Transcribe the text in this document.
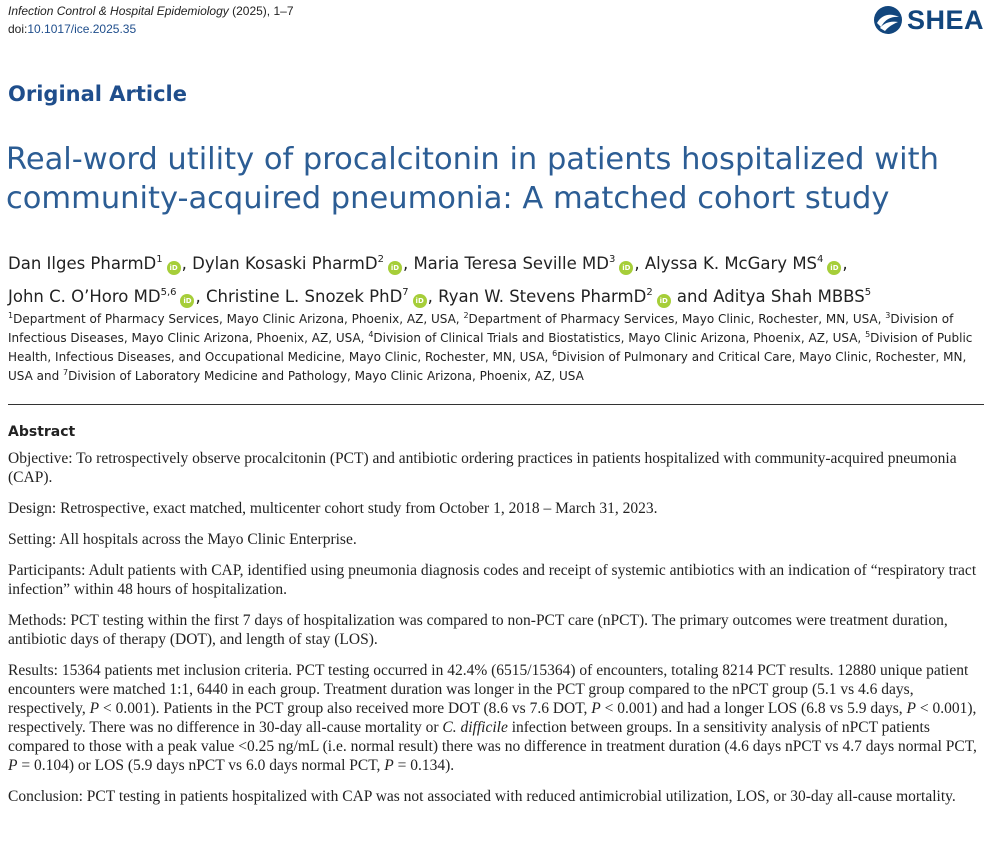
Infection Control & Hospital Epidemiology (2025), 1–7
doi:10.1017/ice.2025.35	SHEA
Original Article
Real-word utility of procalcitonin in patients hospitalized with community-acquired pneumonia: A matched cohort study
Dan Ilges PharmD$^1$iD , Dylan Kosaski PharmD$^2$iD , Maria Teresa Seville $MD^3iD$ , Alyssa K. McGary $MS^4iD$ ,
John C. O’Horo MD$^{5,6}$iD , Christine L. Snozek PhD$^7$iD , Ryan W. Stevens PharmD$^2$iD and Aditya Shah MBBS$^5$
$^1$Department of Pharmacy Services, Mayo Clinic Arizona, Phoenix, AZ, USA, $^2$Department of Pharmacy Services, Mayo Clinic, Rochester, MN, USA, $^3$Division of Infectious Diseases, Mayo Clinic Arizona, Phoenix, AZ, USA, $^4$Division of Clinical Trials and Biostatistics, Mayo Clinic Arizona, Phoenix, AZ, USA, $^5$Division of Public Health, Infectious Diseases, and Occupational Medicine, Mayo Clinic, Rochester, MN, USA, $^6$Division of Pulmonary and Critical Care, Mayo Clinic, Rochester, MN, USA and $^7$Division of Laboratory Medicine and Pathology, Mayo Clinic Arizona, Phoenix, AZ, USA
Abstract

Objective: To retrospectively observe procalcitonin (PCT) and antibiotic ordering practices in patients hospitalized with community-acquired pneumonia (CAP).

Design: Retrospective, exact matched, multicenter cohort study from October 1, 2018 – March 31, 2023.

Setting: All hospitals across the Mayo Clinic Enterprise.

Participants: Adult patients with CAP, identified using pneumonia diagnosis codes and receipt of systemic antibiotics with an indication of “respiratory tract infection” within 48 hours of hospitalization.

Methods: PCT testing within the first 7 days of hospitalization was compared to non-PCT care (nPCT). The primary outcomes were treatment duration, antibiotic days of therapy (DOT), and length of stay (LOS).

Results: 15364 patients met inclusion criteria. PCT testing occurred in 42.4% (6515/15364) of encounters, totaling 8214 PCT results. 12880 unique patient encounters were matched 1:1, 6440 in each group. Treatment duration was longer in the PCT group compared to the nPCT group (5.1 vs 4.6 days, respectively, P < 0.001). Patients in the PCT group also received more DOT (8.6 vs 7.6 DOT, P < 0.001) and had a longer LOS (6.8 vs 5.9 days, P < 0.001), respectively. There was no difference in 30-day all-cause mortality or C. difficile infection between groups. In a sensitivity analysis of nPCT patients compared to those with a peak value <0.25 ng/mL (i.e. normal result) there was no difference in treatment duration (4.6 days nPCT vs 4.7 days normal PCT, P = 0.104) or LOS (5.9 days nPCT vs 6.0 days normal PCT, P = 0.134).

Conclusion: PCT testing in patients hospitalized with CAP was not associated with reduced antimicrobial utilization, LOS, or 30-day all-cause mortality.
